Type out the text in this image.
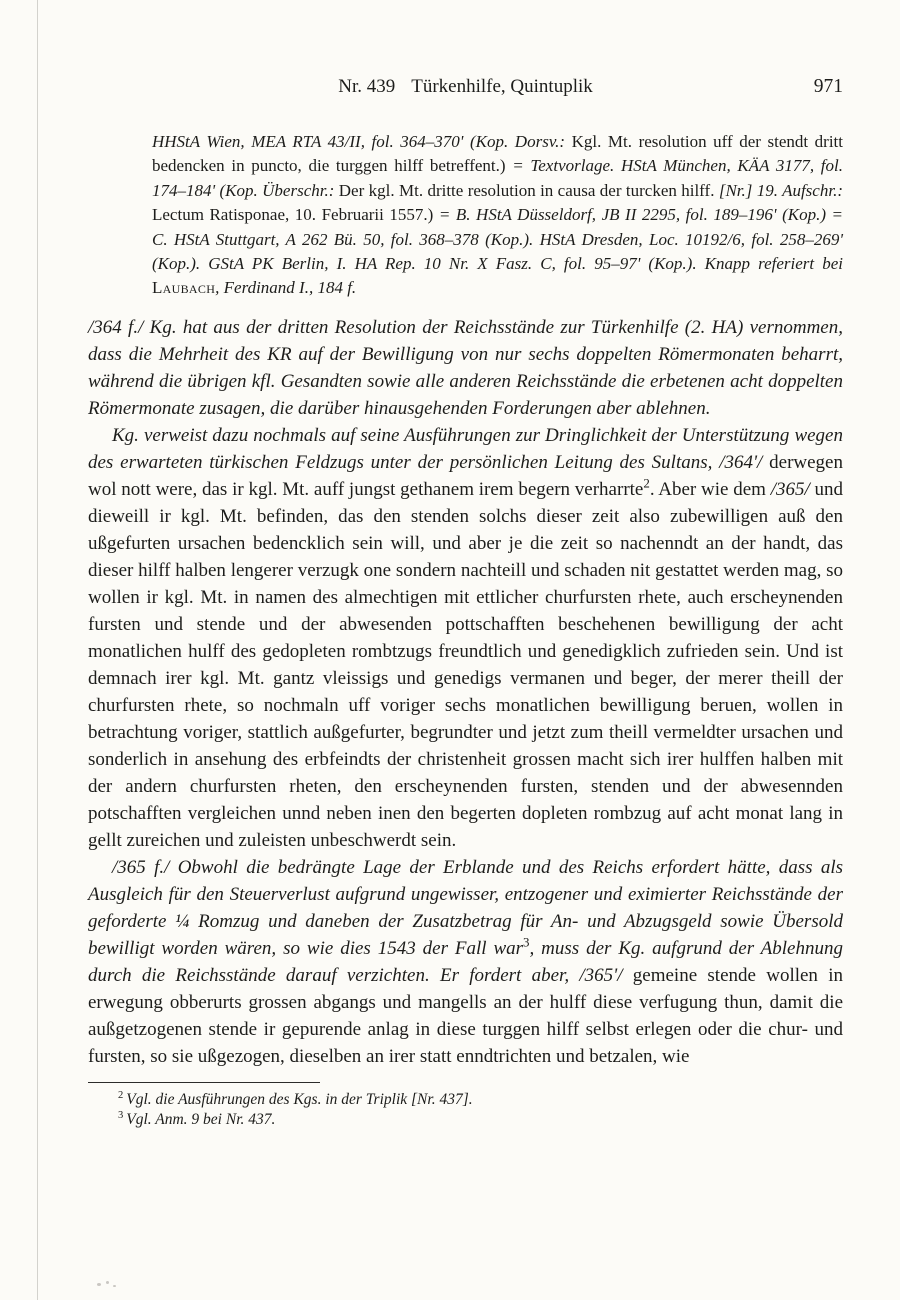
Nr. 439 Türkenhilfe, Quintuplik	971
HHStA Wien, MEA RTA 43/II, fol. 364–370' (Kop. Dorsv.: Kgl. Mt. resolution uff der stendt dritt bedencken in puncto, die turggen hilff betreffent.) = Textvorlage. HStA München, KÄA 3177, fol. 174–184' (Kop. Überschr.: Der kgl. Mt. dritte resolution in causa der turcken hilff. [Nr.] 19. Aufschr.: Lectum Ratisponae, 10. Februarii 1557.) = B. HStA Düsseldorf, JB II 2295, fol. 189–196' (Kop.) = C. HStA Stuttgart, A 262 Bü. 50, fol. 368–378 (Kop.). HStA Dresden, Loc. 10192/6, fol. 258–269' (Kop.). GStA PK Berlin, I. HA Rep. 10 Nr. X Fasz. C, fol. 95–97' (Kop.). Knapp referiert bei Laubach, Ferdinand I., 184 f.

/364 f./ Kg. hat aus der dritten Resolution der Reichsstände zur Türkenhilfe (2. HA) vernommen, dass die Mehrheit des KR auf der Bewilligung von nur sechs doppelten Römermonaten beharrt, während die übrigen kfl. Gesandten sowie alle anderen Reichsstände die erbetenen acht doppelten Römermonate zusagen, die darüber hinausgehenden Forderungen aber ablehnen.

Kg. verweist dazu nochmals auf seine Ausführungen zur Dringlichkeit der Unterstützung wegen des erwarteten türkischen Feldzugs unter der persönlichen Leitung des Sultans, /364'/ derwegen wol nott were, das ir kgl. Mt. auff jungst gethanem irem begern verharrte$^2$. Aber wie dem /365/ und dieweill ir kgl. Mt. befinden, das den stenden solchs dieser zeit also zubewilligen auß den ußgefurten ursachen bedencklich sein will, und aber je die zeit so nachenndt an der handt, das dieser hilff halben lengerer verzugk one sondern nachteill und schaden nit gestattet werden mag, so wollen ir kgl. Mt. in namen des almechtigen mit ettlicher churfursten rhete, auch erscheynenden fursten und stende und der abwesenden pottschafften beschehenen bewilligung der acht monatlichen hulff des gedopleten rombtzugs freundtlich und genedigklich zufrieden sein. Und ist demnach irer kgl. Mt. gantz vleissigs und genedigs vermanen und beger, der merer theill der churfursten rhete, so nochmaln uff voriger sechs monatlichen bewilligung beruen, wollen in betrachtung voriger, stattlich außgefurter, begrundter und jetzt zum theill vermeldter ursachen und sonderlich in ansehung des erbfeindts der christenheit grossen macht sich irer hulffen halben mit der andern churfursten rheten, den erscheynenden fursten, stenden und der abwesennden potschafften vergleichen unnd neben inen den begerten dopleten rombzug auf acht monat lang in gellt zureichen und zuleisten unbeschwerdt sein.

/365 f./ Obwohl die bedrängte Lage der Erblande und des Reichs erfordert hätte, dass als Ausgleich für den Steuerverlust aufgrund ungewisser, entzogener und eximierter Reichsstände der geforderte ¼ Romzug und daneben der Zusatzbetrag für An- und Abzugsgeld sowie Übersold bewilligt worden wären, so wie dies 1543 der Fall war$^3$, muss der Kg. aufgrund der Ablehnung durch die Reichsstände darauf verzichten. Er fordert aber, /365'/ gemeine stende wollen in erwegung obberurts grossen abgangs und mangells an der hulff diese verfugung thun, damit die außgetzogenen stende ir gepurende anlag in diese turggen hilff selbst erlegen oder die chur- und fursten, so sie ußgezogen, dieselben an irer statt enndtrichten und betzalen, wie

$^2$ Vgl. die Ausführungen des Kgs. in der Triplik [Nr. 437].
$^3$ Vgl. Anm. 9 bei Nr. 437.
